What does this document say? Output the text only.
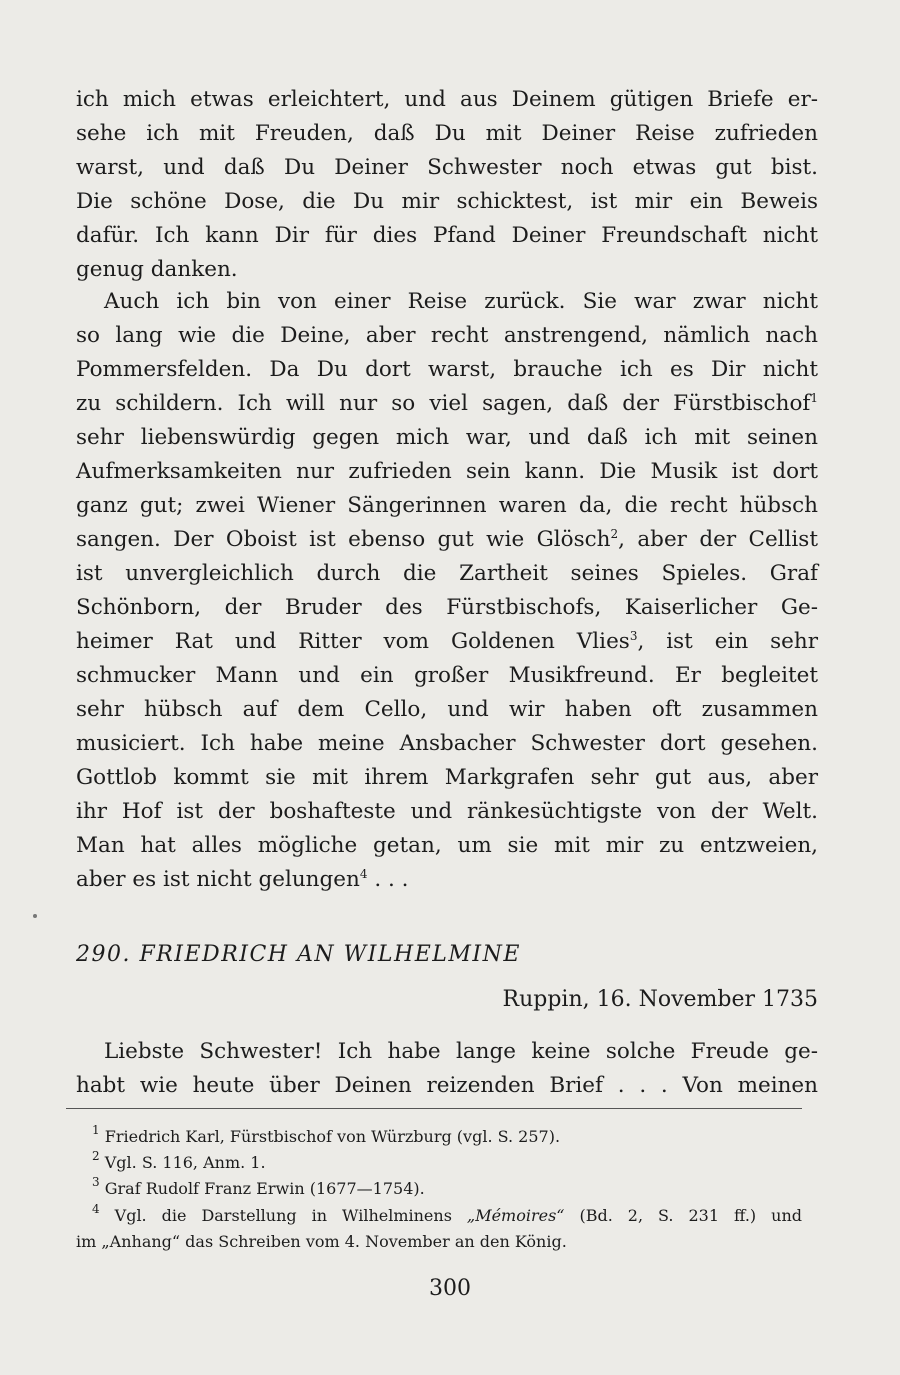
ich mich etwas erleichtert, und aus Deinem gütigen Briefe er-
sehe ich mit Freuden, daß Du mit Deiner Reise zufrieden
warst, und daß Du Deiner Schwester noch etwas gut bist.
Die schöne Dose, die Du mir schicktest, ist mir ein Beweis
dafür. Ich kann Dir für dies Pfand Deiner Freundschaft nicht
genug danken.
Auch ich bin von einer Reise zurück. Sie war zwar nicht
so lang wie die Deine, aber recht anstrengend, nämlich nach
Pommersfelden. Da Du dort warst, brauche ich es Dir nicht
zu schildern. Ich will nur so viel sagen, daß der Fürstbischof$^1$
sehr liebenswürdig gegen mich war, und daß ich mit seinen
Aufmerksamkeiten nur zufrieden sein kann. Die Musik ist dort
ganz gut; zwei Wiener Sängerinnen waren da, die recht hübsch
sangen. Der Oboist ist ebenso gut wie Glösch$^2$, aber der Cellist
ist unvergleichlich durch die Zartheit seines Spieles. Graf
Schönborn, der Bruder des Fürstbischofs, Kaiserlicher Ge-
heimer Rat und Ritter vom Goldenen Vlies$^3$, ist ein sehr
schmucker Mann und ein großer Musikfreund. Er begleitet
sehr hübsch auf dem Cello, und wir haben oft zusammen
musiciert. Ich habe meine Ansbacher Schwester dort gesehen.
Gottlob kommt sie mit ihrem Markgrafen sehr gut aus, aber
ihr Hof ist der boshafteste und ränkesüchtigste von der Welt.
Man hat alles mögliche getan, um sie mit mir zu entzweien,
aber es ist nicht gelungen$^4$ . . .
290. FRIEDRICH AN WILHELMINE
Ruppin, 16. November 1735
Liebste Schwester! Ich habe lange keine solche Freude ge-
habt wie heute über Deinen reizenden Brief . . . Von meinen
$^1$ Friedrich Karl, Fürstbischof von Würzburg (vgl. S. 257).
$^2$ Vgl. S. 116, Anm. 1.
$^3$ Graf Rudolf Franz Erwin (1677—1754).
$^4$ Vgl. die Darstellung in Wilhelminens „Mémoires“ (Bd. 2, S. 231 ff.) und
im „Anhang“ das Schreiben vom 4. November an den König.
300
